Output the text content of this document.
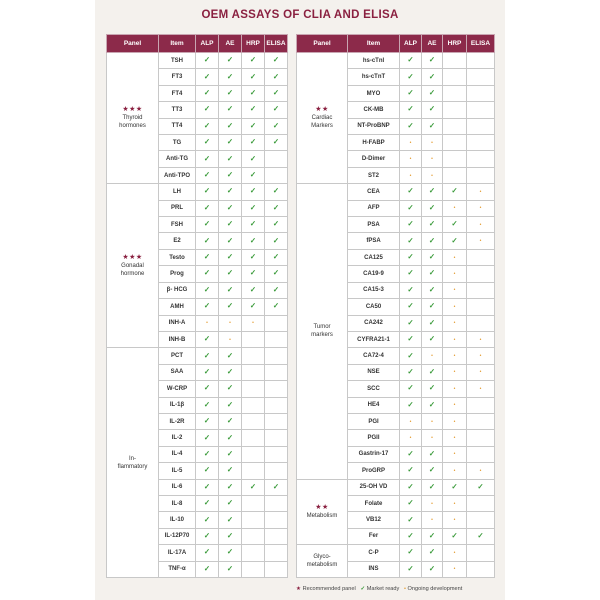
OEM ASSAYS OF CLIA AND ELISA
Panel	Item	ALP	AE	HRP	ELISA

★★★
Thyroid
hormones	TSH	✓	✓	✓	✓
	FT3	✓	✓	✓	✓
	FT4	✓	✓	✓	✓
	TT3	✓	✓	✓	✓
	TT4	✓	✓	✓	✓
	TG	✓	✓	✓	✓
	Anti-TG	✓	✓	✓	
	Anti-TPO	✓	✓	✓	

★★★
Gonadal
hormone	LH	✓	✓	✓	✓
	PRL	✓	✓	✓	✓
	FSH	✓	✓	✓	✓
	E2	✓	✓	✓	✓
	Testo	✓	✓	✓	✓
	Prog	✓	✓	✓	✓
	β- HCG	✓	✓	✓	✓
	AMH	✓	✓	✓	✓
	INH-A	•	•	•	
	INH-B	✓	•		
In-
flammatory	PCT	✓	✓		
	SAA	✓	✓		
	W-CRP	✓	✓		
	IL-1β	✓	✓		
	IL-2R	✓	✓		
	IL-2	✓	✓		
	IL-4	✓	✓		
	IL-5	✓	✓		
	IL-6	✓	✓	✓	✓
	IL-8	✓	✓		
	IL-10	✓	✓		
	IL-12P70	✓	✓		
	IL-17A	✓	✓		
	TNF-α	✓	✓		
Panel	Item	ALP	AE	HRP	ELISA

★★
Cardiac
Markers	hs-cTnI	✓	✓		
	hs-cTnT	✓	✓		
	MYO	✓	✓		
	CK-MB	✓	✓		
	NT-ProBNP	✓	✓		
	H-FABP	•	•		
	D-Dimer	•	•		
	ST2	•	•		
Tumor
markers	CEA	✓	✓	✓	•
	AFP	✓	✓	•	•
	PSA	✓	✓	✓	•
	fPSA	✓	✓	✓	•
	CA125	✓	✓	•	
	CA19-9	✓	✓	•	
	CA15-3	✓	✓	•	
	CA50	✓	✓	•	
	CA242	✓	✓	•	
	CYFRA21-1	✓	✓	•	•
	CA72-4	✓	•	•	•
	NSE	✓	✓	•	•
	SCC	✓	✓	•	•
	HE4	✓	✓	•	
	PGI	•	•	•	
	PGII	•	•	•	
	Gastrin-17	✓	✓	•	
	ProGRP	✓	✓	•	•

★★
Metabolism	25-OH VD	✓	✓	✓	✓
	Folate	✓	•	•	
	VB12	✓	•	•	
	Fer	✓	✓	✓	✓
Glyco-
metabolism	C-P	✓	✓	•	
	INS	✓	✓	•	
★ Recommended panel ✓ Market ready • Ongoing development
